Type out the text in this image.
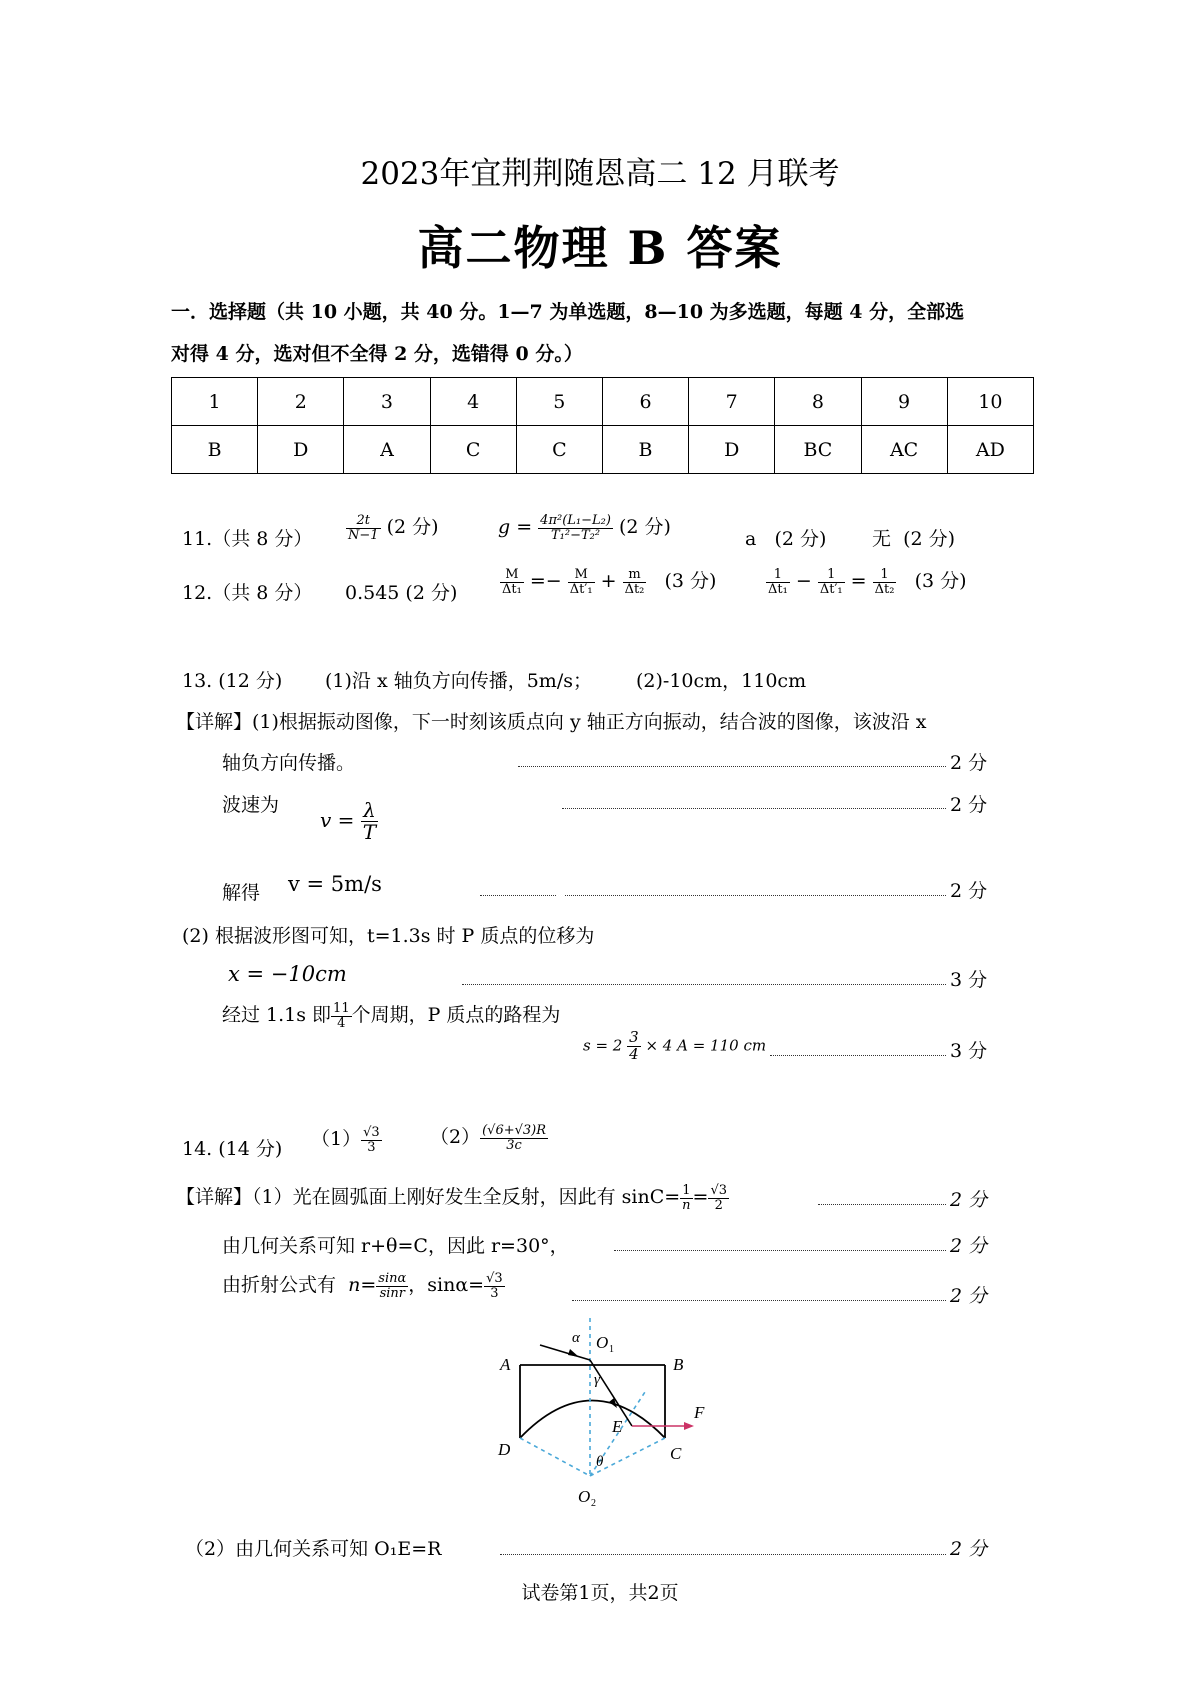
2023年宜荆荆随恩高二 12 月联考
高二物理 B 答案
一．选择题（共 10 小题，共 40 分。1—7 为单选题，8—10 为多选题，每题 4 分，全部选
对得 4 分，选对但不全得 2 分，选错得 0 分。）
1	2	3	4	5	6	7	8	9	10
B	D	A	C	C	B	D	BC	AC	AD
11.（共 8 分）	$\frac{2t}{N-1} (2$ 分)	$g = \frac{\text{4π²(L₁−L₂)}}{\text{T₁²−T₂²}} (2$ 分)
a (2 分) 无 (2 分)
12.（共 8 分） 0.545 (2 分)	$\frac{M}{\text{Δt₁}} =- \frac{M}{\text{Δt′₁}} + \frac{m}{\text{Δt₂}} (3$ 分)	$\frac{1}{\text{Δt₁}} - \frac{1}{\text{Δt′₁}} = \frac{1}{\text{Δt₂}} (3$ 分)
13. (12 分) (1)沿 x 轴负方向传播，5m/s； (2)-10cm，110cm
【详解】(1)根据振动图像，下一时刻该质点向 y 轴正方向振动，结合波的图像，该波沿 x
轴负方向传播。	2 分
波速为
$v = \frac{\lambda}{T}$	2 分
解得 v = 5m/s	2 分
(2) 根据波形图可知，t=1.3s 时 P 质点的位移为
x = −10cm	3 分
经过 1.1s 即 $\frac{11}{4}$ 个周期，P 质点的路程为
$s = 2 \frac{3}{4} \times 4$ A = 110 cm	3 分
14. (14 分) $(1) \frac{√3}{3}$	$(2) \frac{(√6+√3)R}{3c}$
【详解】（1）光在圆弧面上刚好发生全反射，因此有 $\sin C= \frac{1}{n} = \frac{√3}{2}$	2 分
由几何关系可知 r+θ=C，因此 r=30°，	2 分
由折射公式有 $n= \frac{\sin\alpha}{\sin r}$ ，$\sin\alpha= \frac{√3}{3}$	2 分
A	B
C
D
E
F
O 1
O 2
α
γ
θ
（2）由几何关系可知 O₁E=R	2 分
试卷第1页，共2页
